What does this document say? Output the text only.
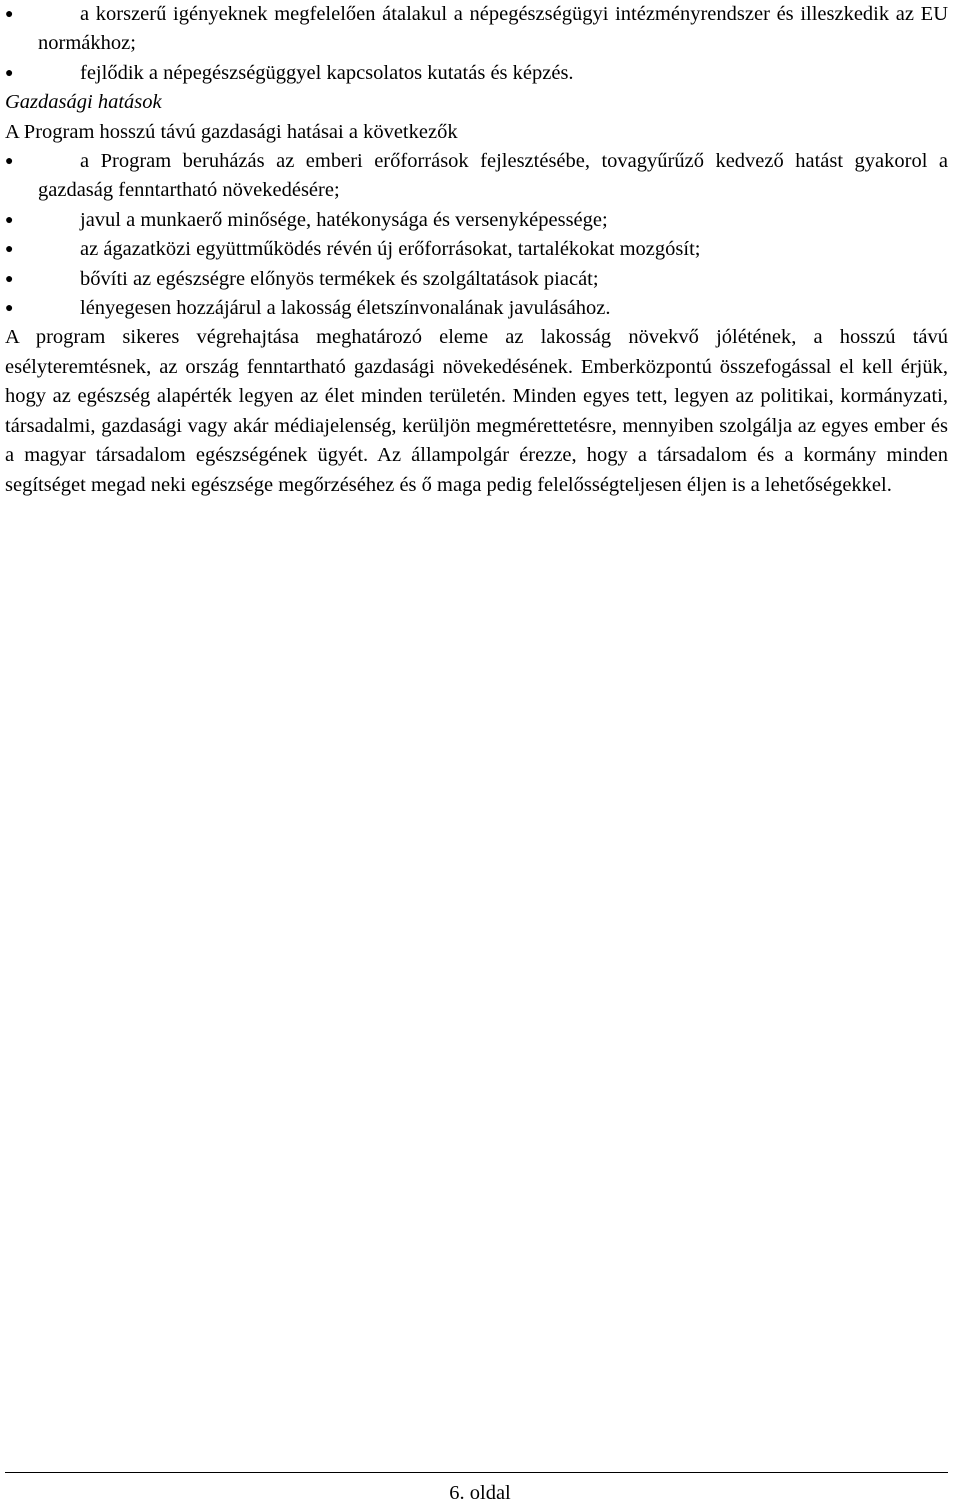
●	a korszerű igényeknek megfelelően átalakul a népegészségügyi intézményrendszer és illeszkedik az EU normákhoz;
●	fejlődik a népegészségüggyel kapcsolatos kutatás és képzés.

Gazdasági hatások

A Program hosszú távú gazdasági hatásai a következők

●	a Program beruházás az emberi erőforrások fejlesztésébe, tovagyűrűző kedvező hatást gyakorol a gazdaság fenntartható növekedésére;
●	javul a munkaerő minősége, hatékonysága és versenyképessége;
●	az ágazatközi együttműködés révén új erőforrásokat, tartalékokat mozgósít;
●	bővíti az egészségre előnyös termékek és szolgáltatások piacát;
●	lényegesen hozzájárul a lakosság életszínvonalának javulásához.

A program sikeres végrehajtása meghatározó eleme az lakosság növekvő jólétének, a hosszú távú esélyteremtésnek, az ország fenntartható gazdasági növekedésének. Emberközpontú összefogással el kell érjük, hogy az egészség alapérték legyen az élet minden területén. Minden egyes tett, legyen az politikai, kormányzati, társadalmi, gazdasági vagy akár médiajelenség, kerüljön megmérettetésre, mennyiben szolgálja az egyes ember és a magyar társadalom egészségének ügyét. Az állampolgár érezze, hogy a társadalom és a kormány minden segítséget megad neki egészsége megőrzéséhez és ő maga pedig felelősségteljesen éljen is a lehetőségekkel.

6. oldal
